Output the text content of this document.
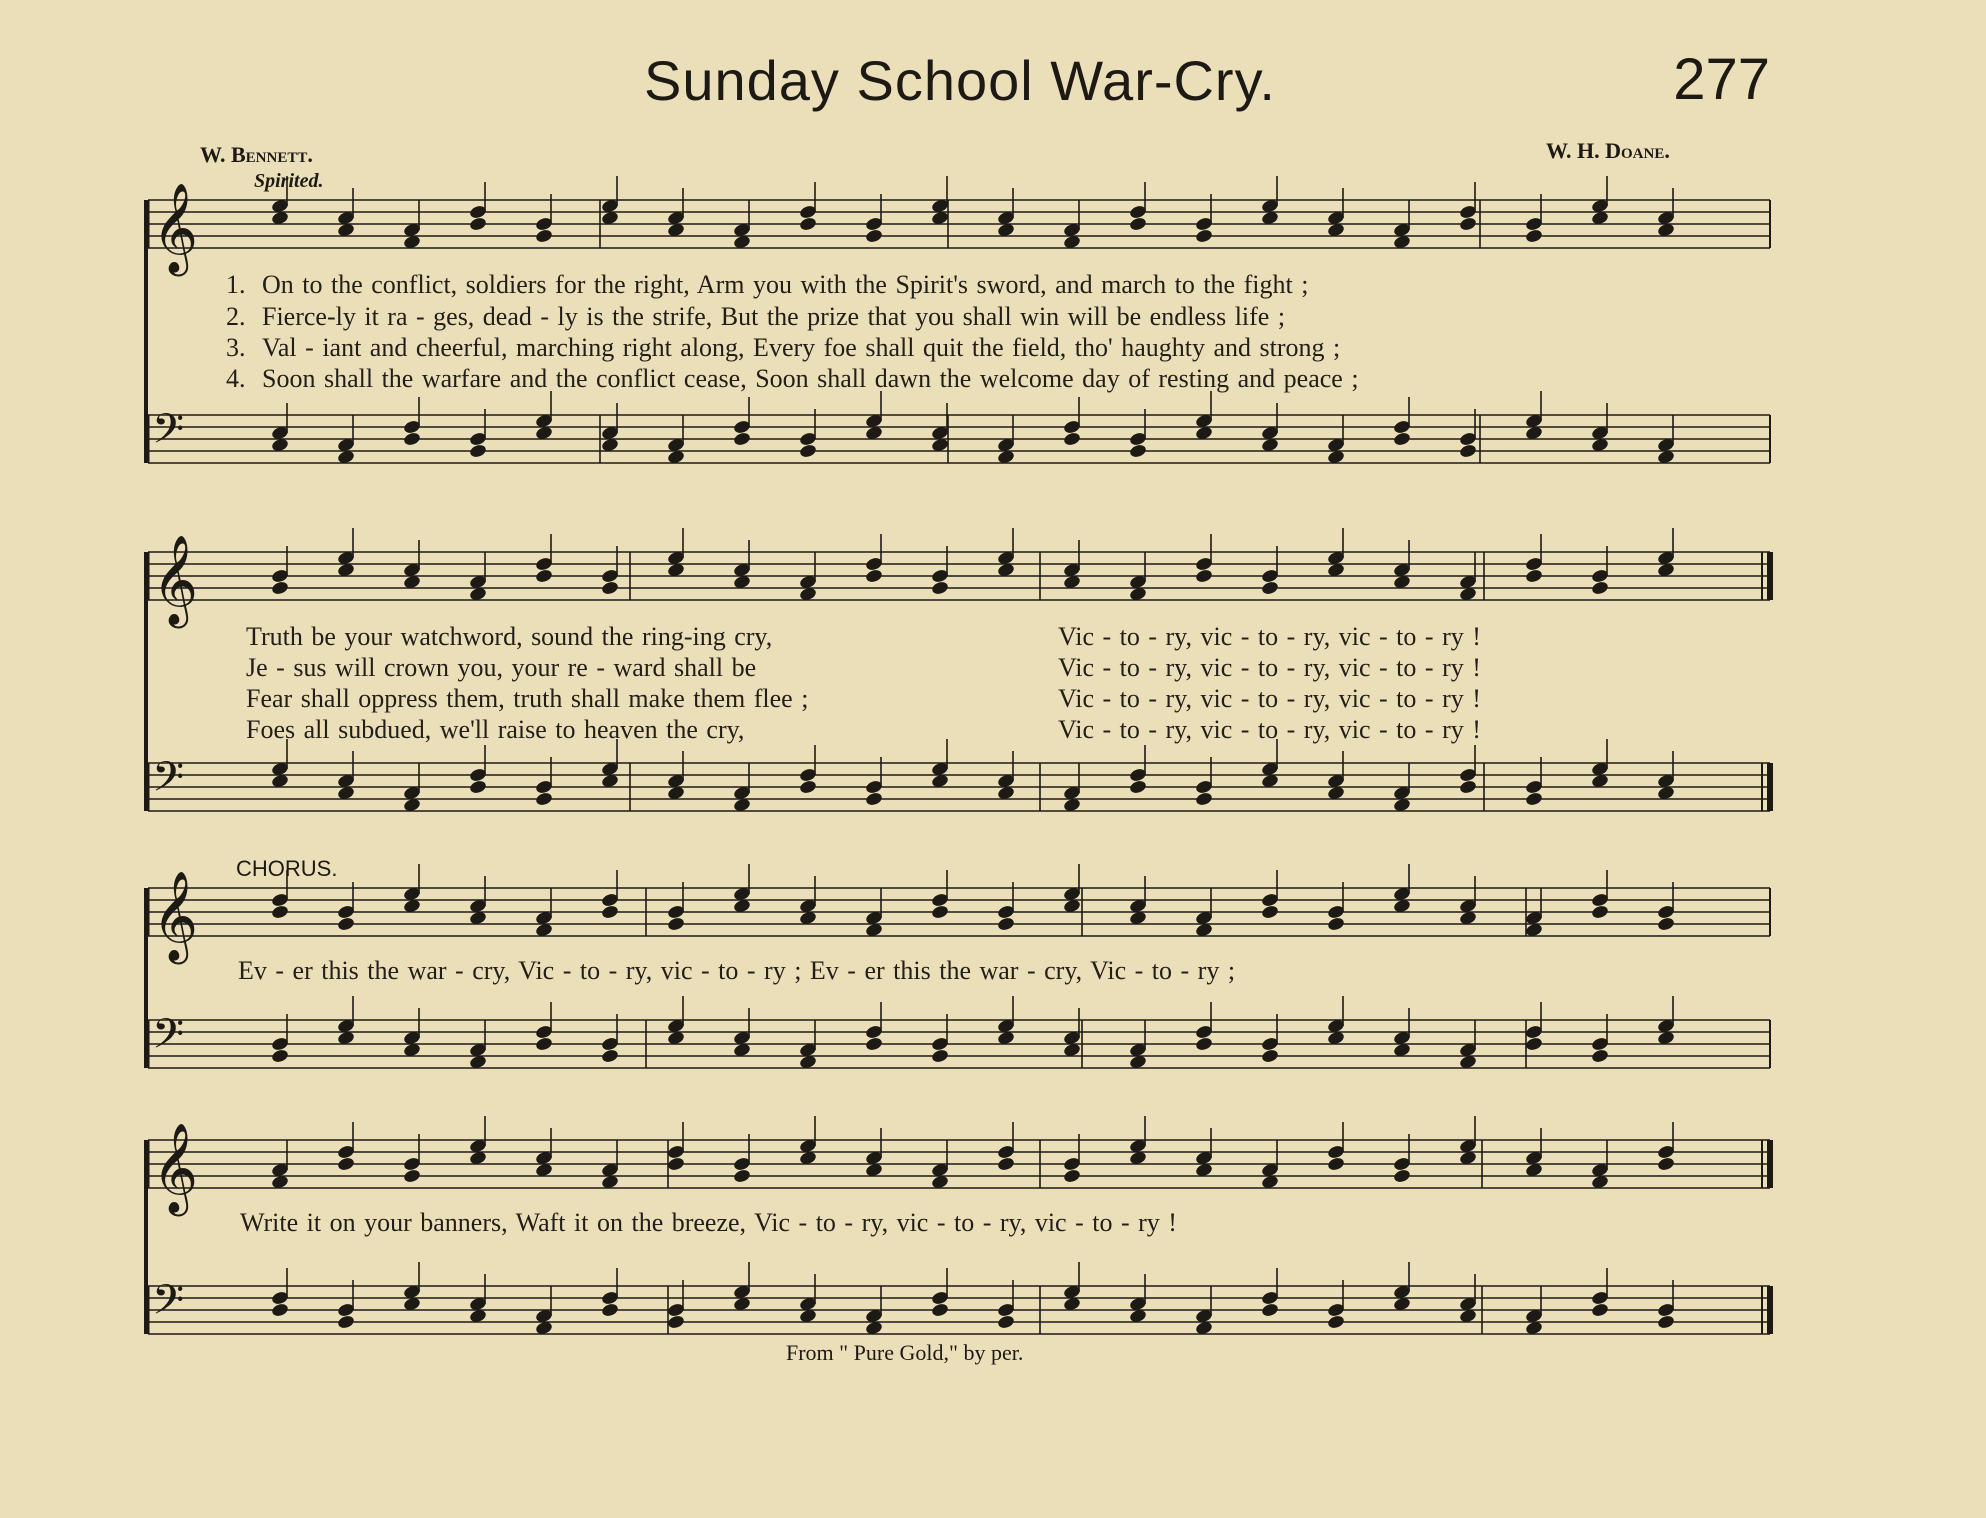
Sunday School War-Cry.	277
W. Bennett.	W. H. Doane.
Spirited.
CHORUS.
𝄞
𝄢
𝄞
𝄢
𝄞
𝄢
𝄞
𝄢
1. On to the conflict, soldiers for the right, Arm you with the Spirit's sword, and march to the fight ;
2. Fierce-ly it ra - ges, dead - ly is the strife, But the prize that you shall win will be endless life ;
3. Val - iant and cheerful, marching right along, Every foe shall quit the field, tho' haughty and strong ;
4. Soon shall the warfare and the conflict cease, Soon shall dawn the welcome day of resting and peace ;
Truth be your watchword, sound the ring-ing cry,
Je - sus will crown you, your re - ward shall be
Fear shall oppress them, truth shall make them flee ;
Foes all subdued, we'll raise to heaven the cry,
Vic - to - ry, vic - to - ry, vic - to - ry !
Vic - to - ry, vic - to - ry, vic - to - ry !
Vic - to - ry, vic - to - ry, vic - to - ry !
Vic - to - ry, vic - to - ry, vic - to - ry !
Ev - er this the war - cry, Vic - to - ry, vic - to - ry ; Ev - er this the war - cry, Vic - to - ry ;
Write it on your banners, Waft it on the breeze, Vic - to - ry, vic - to - ry, vic - to - ry !
From " Pure Gold," by per.
